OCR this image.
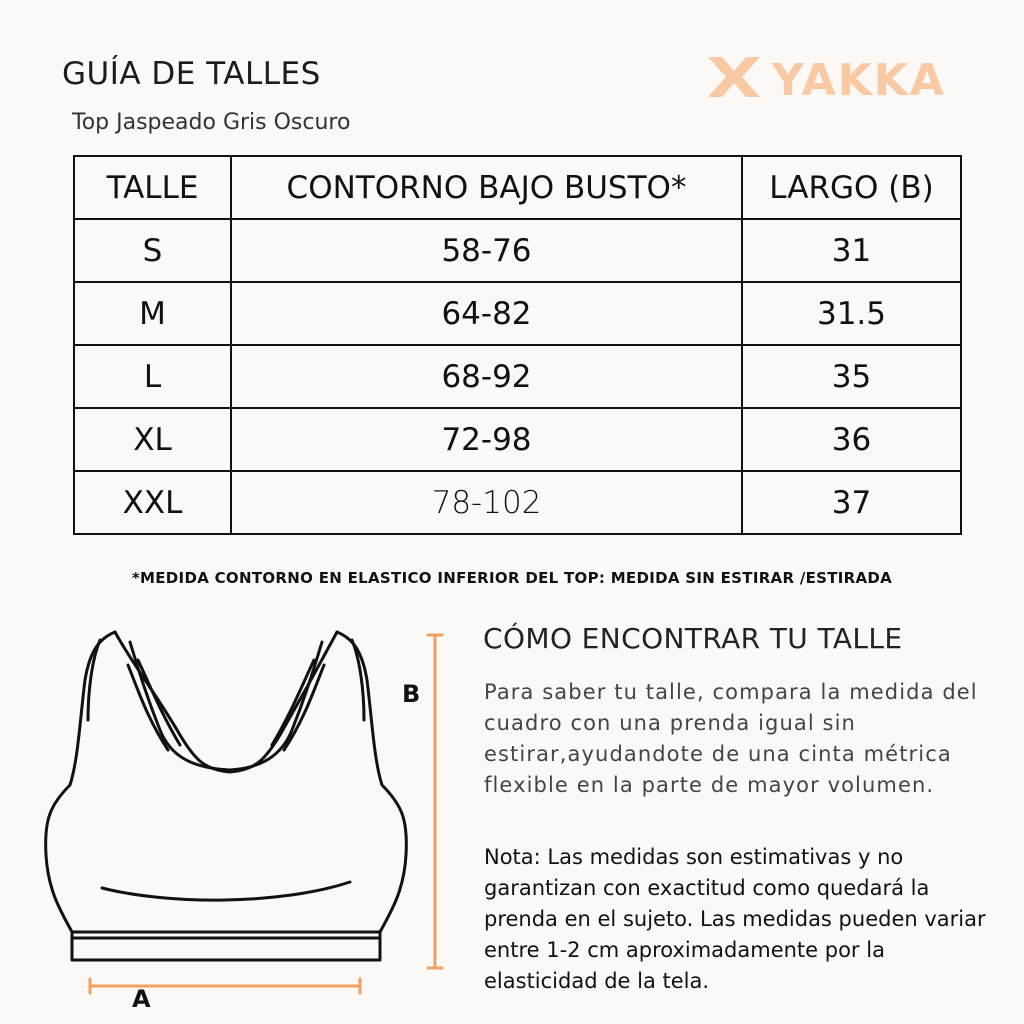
GUÍA DE TALLES
Top Jaspeado Gris Oscuro
YAKKA
TALLE	CONTORNO BAJO BUSTO*	LARGO (B)
S	58-76	31
M	64-82	31.5
L	68-92	35
XL	72-98	36
XXL	78-102	37
*MEDIDA CONTORNO EN ELASTICO INFERIOR DEL TOP: MEDIDA SIN ESTIRAR /ESTIRADA
B
A
CÓMO ENCONTRAR TU TALLE

Para saber tu talle, compara la medida del cuadro con una prenda igual sin estirar,ayudandote de una cinta métrica flexible en la parte de mayor volumen.

Nota: Las medidas son estimativas y no garantizan con exactitud como quedará la prenda en el sujeto. Las medidas pueden variar entre 1-2 cm aproximadamente por la elasticidad de la tela.
